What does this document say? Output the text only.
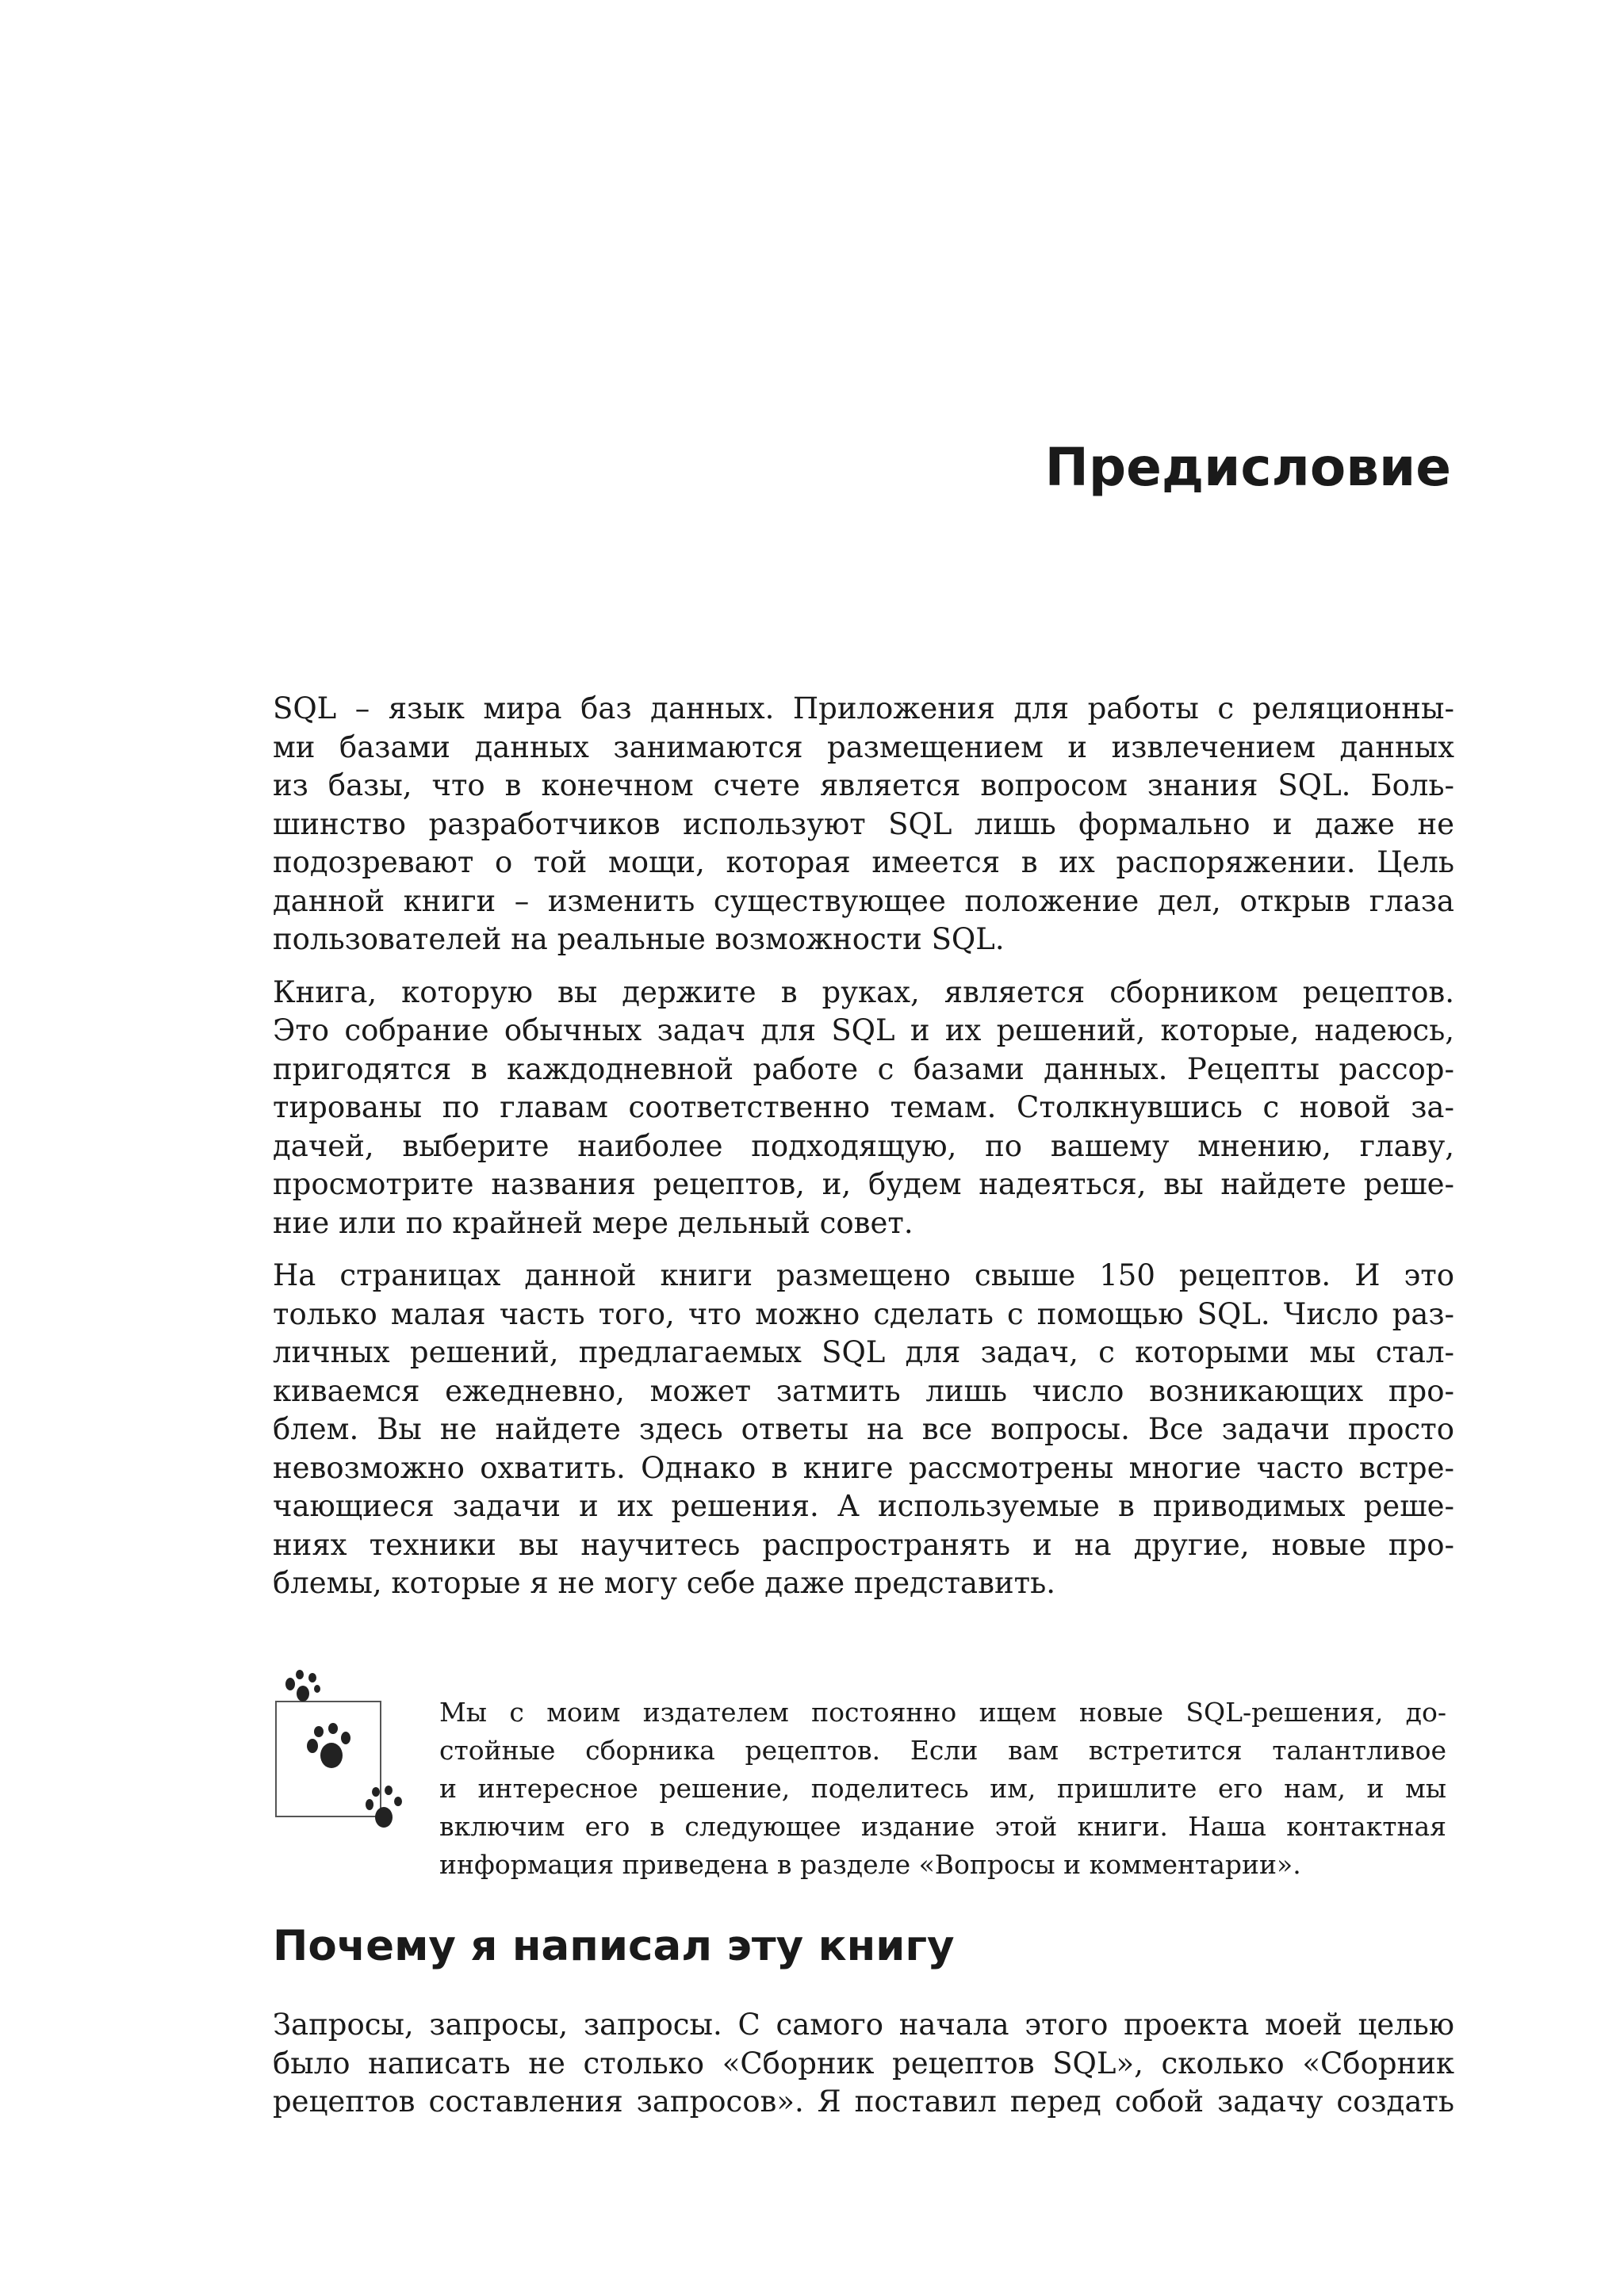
Предисловие

SQL – язык мира баз данных. Приложения для работы с реляционны-
ми базами данных занимаются размещением и извлечением данных
из базы, что в конечном счете является вопросом знания SQL. Боль-
шинство разработчиков используют SQL лишь формально и даже не
подозревают о той мощи, которая имеется в их распоряжении. Цель
данной книги – изменить существующее положение дел, открыв глаза
пользователей на реальные возможности SQL.

Книга, которую вы держите в руках, является сборником рецептов.
Это собрание обычных задач для SQL и их решений, которые, надеюсь,
пригодятся в каждодневной работе с базами данных. Рецепты рассор-
тированы по главам соответственно темам. Столкнувшись с новой за-
дачей, выберите наиболее подходящую, по вашему мнению, главу,
просмотрите названия рецептов, и, будем надеяться, вы найдете реше-
ние или по крайней мере дельный совет.

На страницах данной книги размещено свыше 150 рецептов. И это
только малая часть того, что можно сделать с помощью SQL. Число раз-
личных решений, предлагаемых SQL для задач, с которыми мы стал-
киваемся ежедневно, может затмить лишь число возникающих про-
блем. Вы не найдете здесь ответы на все вопросы. Все задачи просто
невозможно охватить. Однако в книге рассмотрены многие часто встре-
чающиеся задачи и их решения. А используемые в приводимых реше-
ниях техники вы научитесь распространять и на другие, новые про-
блемы, которые я не могу себе даже представить.

Мы с моим издателем постоянно ищем новые SQL-решения, до-
стойные сборника рецептов. Если вам встретится талантливое
и интересное решение, поделитесь им, пришлите его нам, и мы
включим его в следующее издание этой книги. Наша контактная
информация приведена в разделе «Вопросы и комментарии».
Почему я написал эту книгу
Запросы, запросы, запросы. С самого начала этого проекта моей целью
было написать не столько «Сборник рецептов SQL», сколько «Сборник
рецептов составления запросов». Я поставил перед собой задачу создать
